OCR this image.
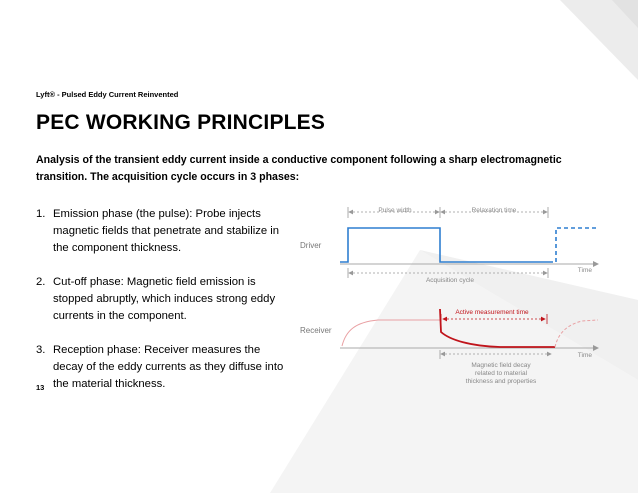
Lyft® - Pulsed Eddy Current Reinvented
PEC WORKING PRINCIPLES
Analysis of the transient eddy current inside a conductive component following a sharp electromagnetic transition. The acquisition cycle occurs in 3 phases:
1. Emission phase (the pulse): Probe injects magnetic fields that penetrate and stabilize in the component thickness.
2. Cut-off phase: Magnetic field emission is stopped abruptly, which induces strong eddy currents in the component.
3. Reception phase: Receiver measures the decay of the eddy currents as they diffuse into the material thickness.
13
Pulse width	Relaxation time
Driver
Time
Acquisition cycle
Active measurement time
Receiver
Time
Magnetic field decay
related to material
thickness and properties
